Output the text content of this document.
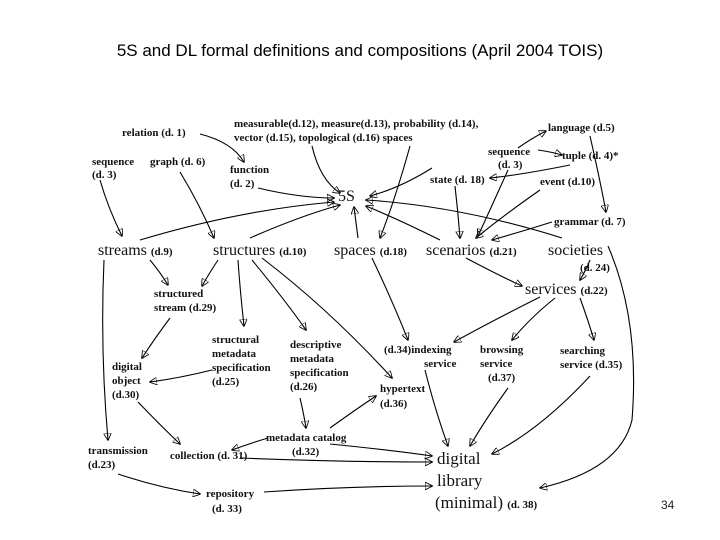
5S and DL formal definitions and compositions (April 2004 TOIS)
relation (d. 1)
measurable(d.12), measure(d.13), probability (d.14),
vector (d.15), topological (d.16) spaces
language (d.5)
sequence
(d. 3)
graph (d. 6)
function
(d. 2)
sequence
(d. 3)
tuple (d. 4)*
state (d. 18)	event (d.10)
5S
grammar (d. 7)
streams (d.9)	structures (d.10) spaces (d.18) scenarios (d.21) societies
(d. 24)
services (d.22)
structured
stream (d.29)
structural
metadata
specification
(d.25)
descriptive
metadata
specification
(d.26)
(d.34)indexing
service
browsing
service
(d.37)
searching
service (d.35)
digital
object
(d.30)	hypertext
(d.36)
metadata catalog
(d.32)
transmission
(d.23)
collection (d. 31)	digital
library
(minimal) (d. 38)
repository
(d. 33)	34
